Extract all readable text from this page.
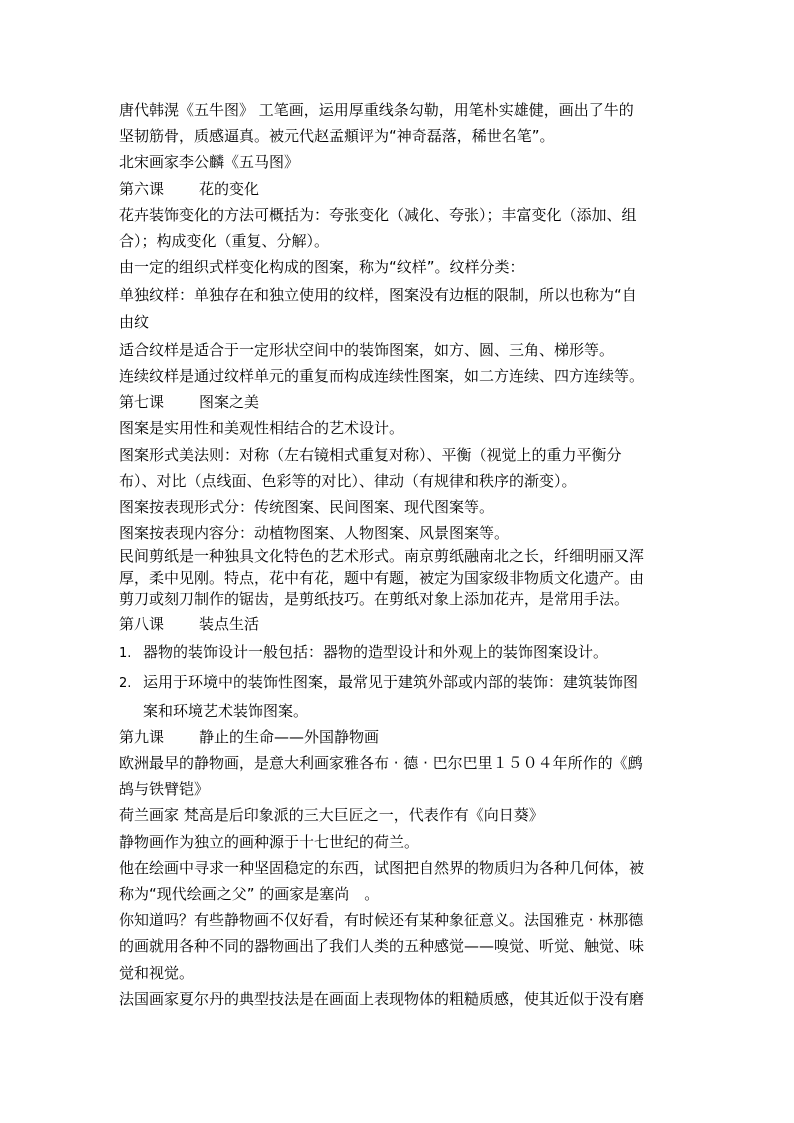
唐代韩滉《五牛图》 工笔画，运用厚重线条勾勒，用笔朴实雄健，画出了牛的
坚韧筋骨，质感逼真。被元代赵孟頫评为“神奇磊落，稀世名笔”。
北宋画家李公麟《五马图》
第六课 花的变化
花卉装饰变化的方法可概括为：夸张变化（减化、夸张）；丰富变化（添加、组
合）；构成变化（重复、分解）。
由一定的组织式样变化构成的图案，称为“纹样”。纹样分类：
单独纹样：单独存在和独立使用的纹样，图案没有边框的限制，所以也称为“自
由纹
适合纹样是适合于一定形状空间中的装饰图案，如方、圆、三角、梯形等。
连续纹样是通过纹样单元的重复而构成连续性图案，如二方连续、四方连续等。
第七课 图案之美
图案是实用性和美观性相结合的艺术设计。
图案形式美法则：对称（左右镜相式重复对称）、平衡（视觉上的重力平衡分
布）、对比（点线面、色彩等的对比）、律动（有规律和秩序的渐变）。
图案按表现形式分：传统图案、民间图案、现代图案等。
图案按表现内容分：动植物图案、人物图案、风景图案等。
民间剪纸是一种独具文化特色的艺术形式。南京剪纸融南北之长，纤细明丽又浑
厚，柔中见刚。特点，花中有花，题中有题，被定为国家级非物质文化遗产。由
剪刀或刻刀制作的锯齿，是剪纸技巧。在剪纸对象上添加花卉，是常用手法。
第八课 装点生活
1. 器物的装饰设计一般包括：器物的造型设计和外观上的装饰图案设计。
2. 运用于环境中的装饰性图案，最常见于建筑外部或内部的装饰：建筑装饰图
案和环境艺术装饰图案。
第九课 静止的生命——外国静物画
欧洲最早的静物画，是意大利画家雅各布 · 德 · 巴尔巴里１５０４年所作的《鹧
鸪与铁臂铠》
荷兰画家 梵高是后印象派的三大巨匠之一，代表作有《向日葵》
静物画作为独立的画种源于十七世纪的荷兰。
他在绘画中寻求一种坚固稳定的东西，试图把自然界的物质归为各种几何体，被
称为“现代绘画之父” 的画家是塞尚　。
你知道吗？有些静物画不仅好看，有时候还有某种象征意义。法国雅克 · 林那德
的画就用各种不同的器物画出了我们人类的五种感觉——嗅觉、听觉、触觉、味
觉和视觉。
法国画家夏尔丹的典型技法是在画面上表现物体的粗糙质感，使其近似于没有磨
